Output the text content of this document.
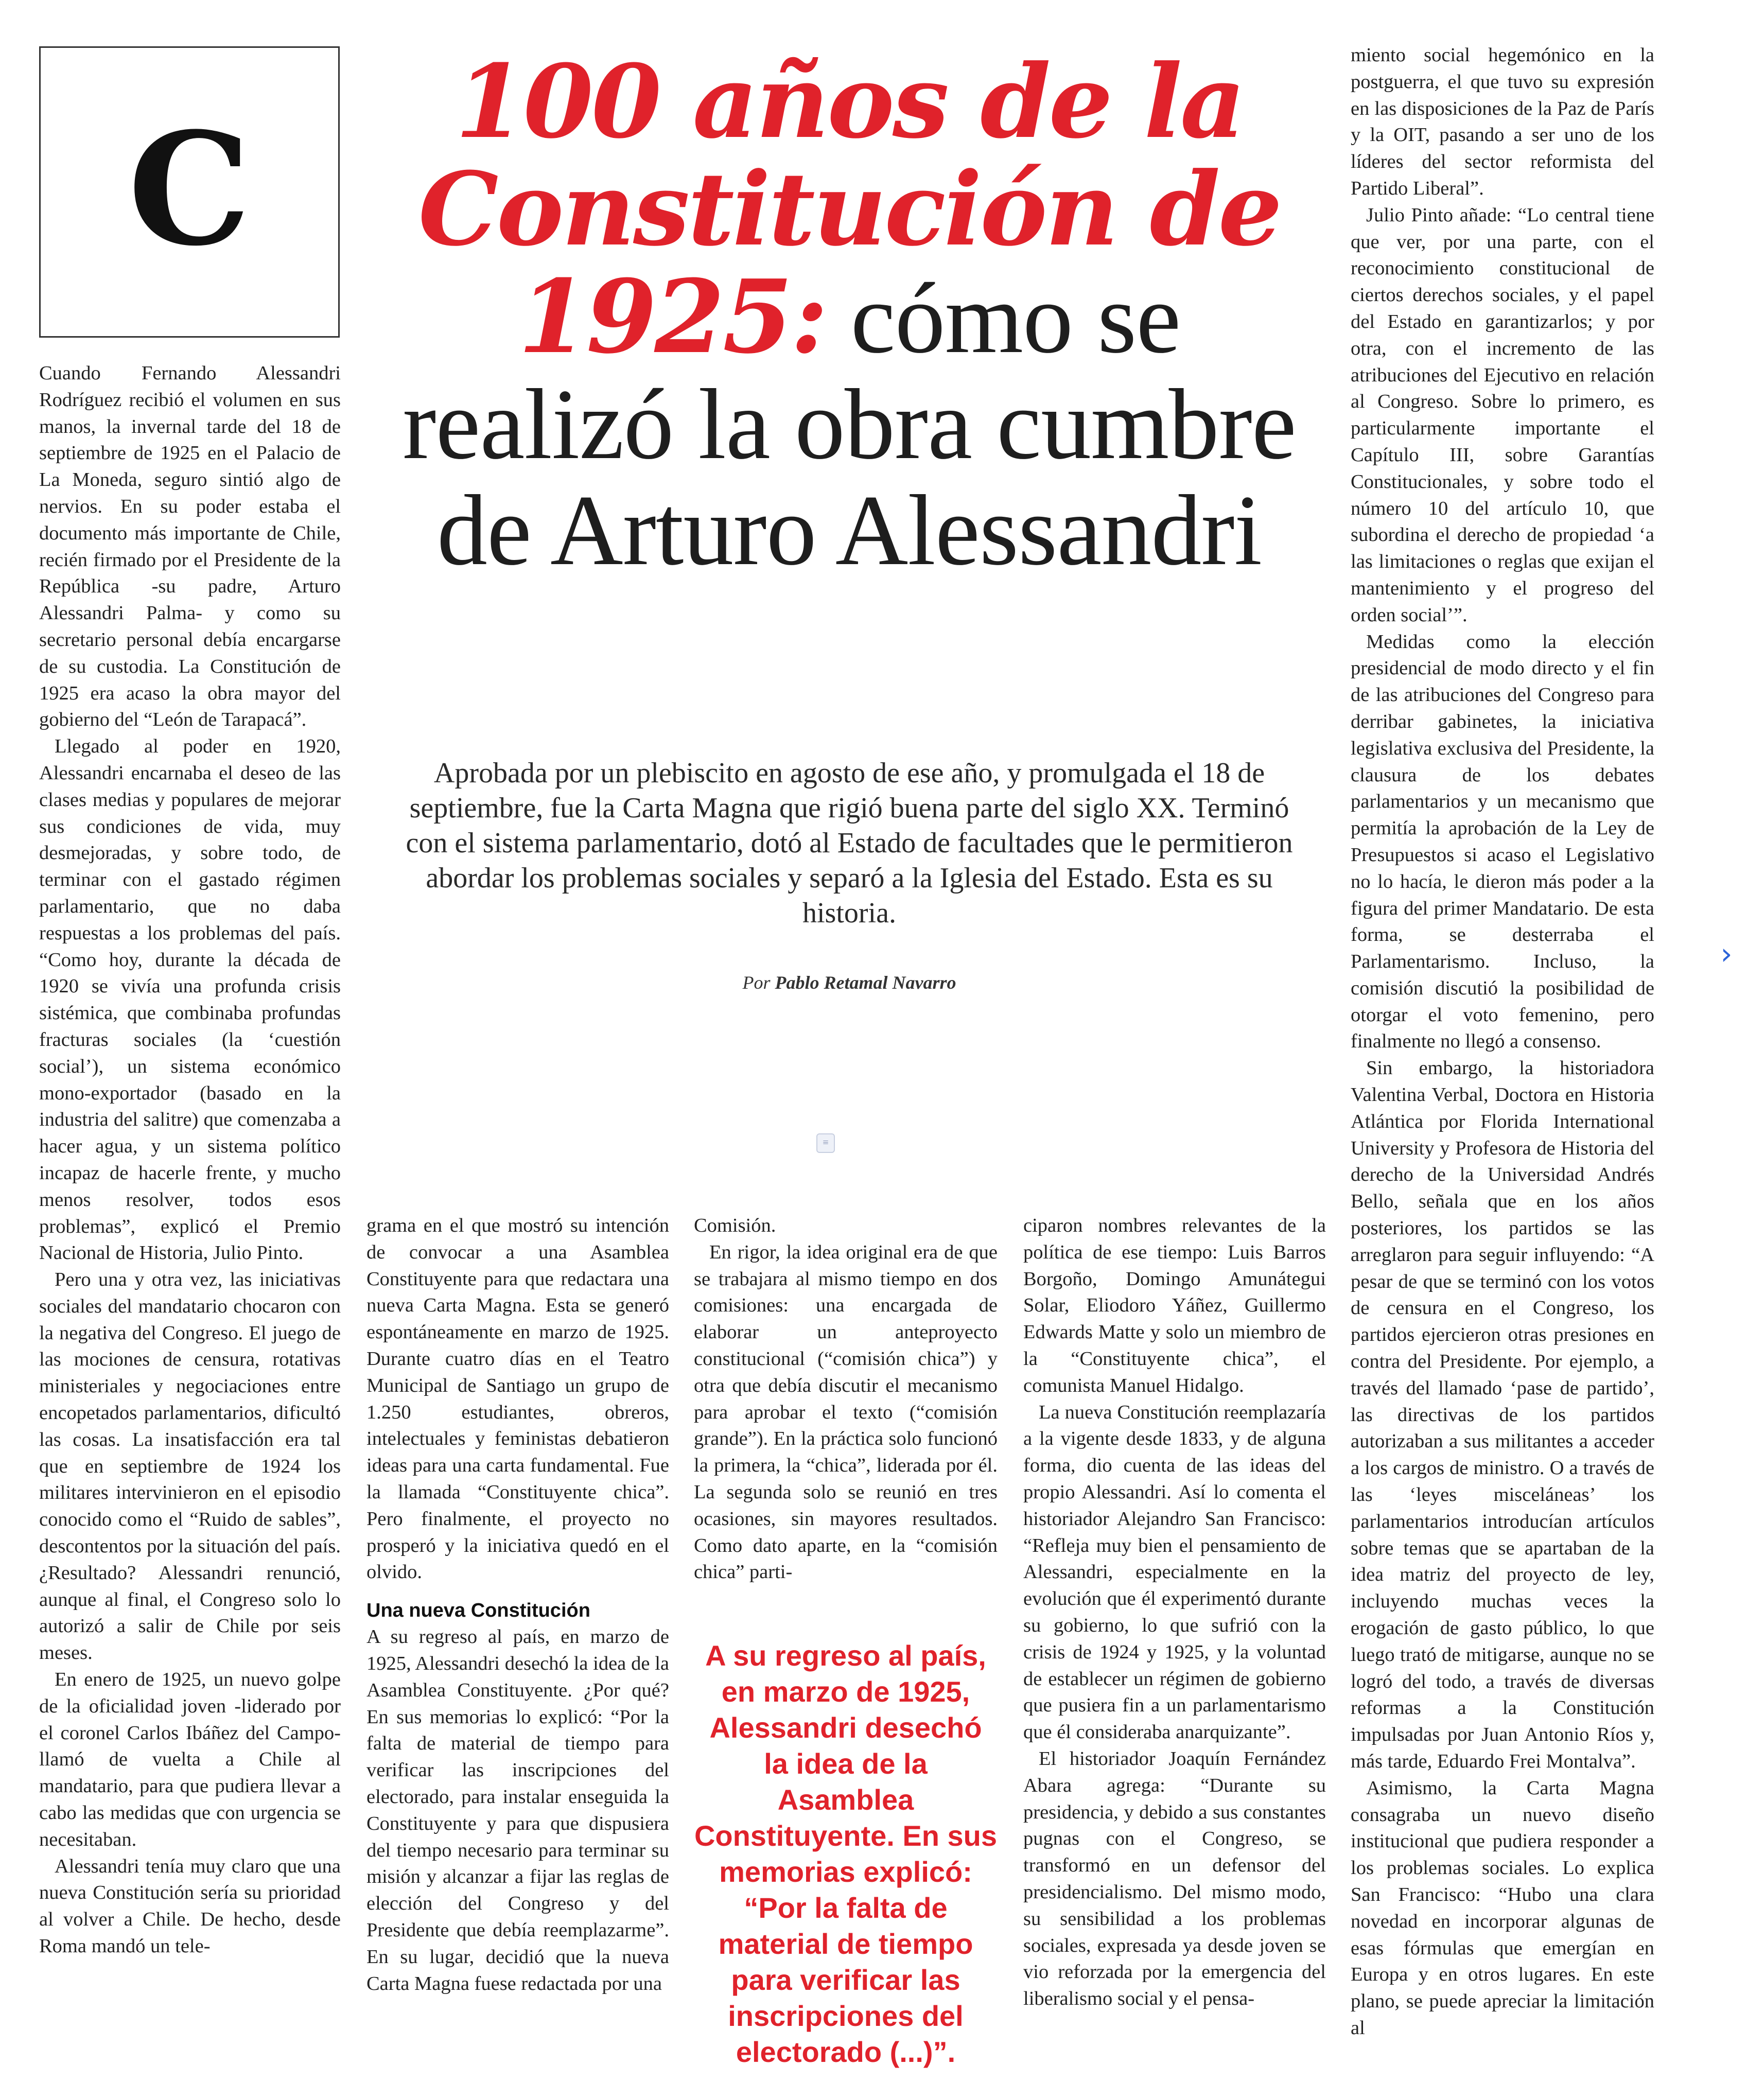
C	100 años de la Constitución de 1925: cómo se realizó la obra cumbre de Arturo Alessandri
Aprobada por un plebiscito en agosto de ese año, y promulgada el 18 de septiembre, fue la Carta Magna que rigió buena parte del siglo XX. Terminó con el sistema parlamentario, dotó al Estado de facultades que le permitieron abordar los problemas sociales y separó a la Iglesia del Estado. Esta es su historia.
Por Pablo Retamal Navarro
≡
›

Cuando Fernando Alessandri Rodríguez recibió el volumen en sus manos, la invernal tarde del 18 de septiembre de 1925 en el Palacio de La Moneda, seguro sintió algo de nervios. En su poder estaba el documento más importante de Chile, recién firmado por el Presidente de la República -su padre, Arturo Alessandri Palma- y como su secretario personal debía encargarse de su custodia. La Constitución de 1925 era acaso la obra mayor del gobierno del “León de Tarapacá”.

Llegado al poder en 1920, Alessandri encarnaba el deseo de las clases medias y populares de mejorar sus condiciones de vida, muy desmejoradas, y sobre todo, de terminar con el gastado régimen parlamentario, que no daba respuestas a los problemas del país. “Como hoy, durante la década de 1920 se vivía una profunda crisis sistémica, que combinaba profundas fracturas sociales (la ‘cuestión social’), un sistema económico mono-exportador (basado en la industria del salitre) que comenzaba a hacer agua, y un sistema político incapaz de hacerle frente, y mucho menos resolver, todos esos problemas”, explicó el Premio Nacional de Historia, Julio Pinto.

Pero una y otra vez, las iniciativas sociales del mandatario chocaron con la negativa del Congreso. El juego de las mociones de censura, rotativas ministeriales y negociaciones entre encopetados parlamentarios, dificultó las cosas. La insatisfacción era tal que en septiembre de 1924 los militares intervinieron en el episodio conocido como el “Ruido de sables”, descontentos por la situación del país. ¿Resultado? Alessandri renunció, aunque al final, el Congreso solo lo autorizó a salir de Chile por seis meses.

En enero de 1925, un nuevo golpe de la oficialidad joven -liderado por el coronel Carlos Ibáñez del Campo- llamó de vuelta a Chile al mandatario, para que pudiera llevar a cabo las medidas que con urgencia se necesitaban.

Alessandri tenía muy claro que una nueva Constitución sería su prioridad al volver a Chile. De hecho, desde Roma mandó un tele-

grama en el que mostró su intención de convocar a una Asamblea Constituyente para que redactara una nueva Carta Magna. Esta se generó espontáneamente en marzo de 1925. Durante cuatro días en el Teatro Municipal de Santiago un grupo de 1.250 estudiantes, obreros, intelectuales y feministas debatieron ideas para una carta fundamental. Fue la llamada “Constituyente chica”. Pero finalmente, el proyecto no prosperó y la iniciativa quedó en el olvido.

Una nueva Constitución

A su regreso al país, en marzo de 1925, Alessandri desechó la idea de la Asamblea Constituyente. ¿Por qué? En sus memorias lo explicó: “Por la falta de material de tiempo para verificar las inscripciones del electorado, para instalar enseguida la Constituyente y para que dispusiera del tiempo necesario para terminar su misión y alcanzar a fijar las reglas de elección del Congreso y del Presidente que debía reemplazarme”. En su lugar, decidió que la nueva Carta Magna fuese redactada por una

Comisión.

En rigor, la idea original era de que se trabajara al mismo tiempo en dos comisiones: una encargada de elaborar un anteproyecto constitucional (“comisión chica”) y otra que debía discutir el mecanismo para aprobar el texto (“comisión grande”). En la práctica solo funcionó la primera, la “chica”, liderada por él. La segunda solo se reunió en tres ocasiones, sin mayores resultados. Como dato aparte, en la “comisión chica” parti-

A su regreso al país, en marzo de 1925, Alessandri desechó la idea de la Asamblea Constituyente. En sus memorias explicó: “Por la falta de material de tiempo para verificar las inscripciones del electorado (...)”.

ciparon nombres relevantes de la política de ese tiempo: Luis Barros Borgoño, Domingo Amunátegui Solar, Eliodoro Yáñez, Guillermo Edwards Matte y solo un miembro de la “Constituyente chica”, el comunista Manuel Hidalgo.

La nueva Constitución reemplazaría a la vigente desde 1833, y de alguna forma, dio cuenta de las ideas del propio Alessandri. Así lo comenta el historiador Alejandro San Francisco: “Refleja muy bien el pensamiento de Alessandri, especialmente en la evolución que él experimentó durante su gobierno, lo que sufrió con la crisis de 1924 y 1925, y la voluntad de establecer un régimen de gobierno que pusiera fin a un parlamentarismo que él consideraba anarquizante”.

El historiador Joaquín Fernández Abara agrega: “Durante su presidencia, y debido a sus constantes pugnas con el Congreso, se transformó en un defensor del presidencialismo. Del mismo modo, su sensibilidad a los problemas sociales, expresada ya desde joven se vio reforzada por la emergencia del liberalismo social y el pensa-

miento social hegemónico en la postguerra, el que tuvo su expresión en las disposiciones de la Paz de París y la OIT, pasando a ser uno de los líderes del sector reformista del Partido Liberal”.

Julio Pinto añade: “Lo central tiene que ver, por una parte, con el reconocimiento constitucional de ciertos derechos sociales, y el papel del Estado en garantizarlos; y por otra, con el incremento de las atribuciones del Ejecutivo en relación al Congreso. Sobre lo primero, es particularmente importante el Capítulo III, sobre Garantías Constitucionales, y sobre todo el número 10 del artículo 10, que subordina el derecho de propiedad ‘a las limitaciones o reglas que exijan el mantenimiento y el progreso del orden social’”.

Medidas como la elección presidencial de modo directo y el fin de las atribuciones del Congreso para derribar gabinetes, la iniciativa legislativa exclusiva del Presidente, la clausura de los debates parlamentarios y un mecanismo que permitía la aprobación de la Ley de Presupuestos si acaso el Legislativo no lo hacía, le dieron más poder a la figura del primer Mandatario. De esta forma, se desterraba el Parlamentarismo. Incluso, la comisión discutió la posibilidad de otorgar el voto femenino, pero finalmente no llegó a consenso.

Sin embargo, la historiadora Valentina Verbal, Doctora en Historia Atlántica por Florida International University y Profesora de Historia del derecho de la Universidad Andrés Bello, señala que en los años posteriores, los partidos se las arreglaron para seguir influyendo: “A pesar de que se terminó con los votos de censura en el Congreso, los partidos ejercieron otras presiones en contra del Presidente. Por ejemplo, a través del llamado ‘pase de partido’, las directivas de los partidos autorizaban a sus militantes a acceder a los cargos de ministro. O a través de las ‘leyes misceláneas’ los parlamentarios introducían artículos sobre temas que se apartaban de la idea matriz del proyecto de ley, incluyendo muchas veces la erogación de gasto público, lo que luego trató de mitigarse, aunque no se logró del todo, a través de diversas reformas a la Constitución impulsadas por Juan Antonio Ríos y, más tarde, Eduardo Frei Montalva”.

Asimismo, la Carta Magna consagraba un nuevo diseño institucional que pudiera responder a los problemas sociales. Lo explica San Francisco: “Hubo una clara novedad en incorporar algunas de esas fórmulas que emergían en Europa y en otros lugares. En este plano, se puede apreciar la limitación al
